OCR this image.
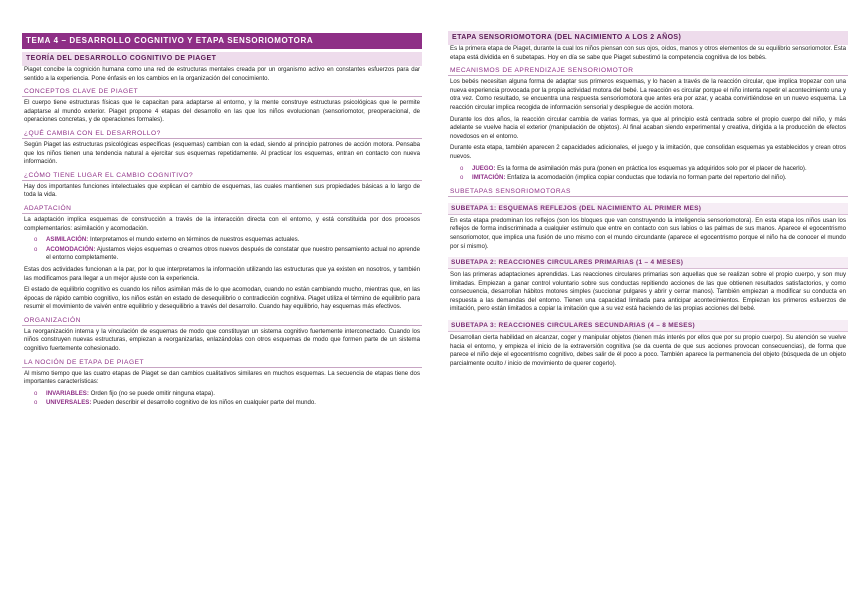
TEMA 4 – DESARROLLO COGNITIVO Y ETAPA SENSORIOMOTORA
TEORÍA DEL DESARROLLO COGNITIVO DE PIAGET

Piaget concibe la cognición humana como una red de estructuras mentales creada por un organismo activo en constantes esfuerzos para dar sentido a la experiencia. Pone énfasis en los cambios en la organización del conocimiento.

CONCEPTOS CLAVE DE PIAGET

El cuerpo tiene estructuras físicas que le capacitan para adaptarse al entorno, y la mente construye estructuras psicológicas que le permite adaptarse al mundo exterior. Piaget propone 4 etapas del desarrollo en las que los niños evolucionan (sensoriomotor, preoperacional, de operaciones concretas, y de operaciones formales).

¿QUÉ CAMBIA CON EL DESARROLLO?

Según Piaget las estructuras psicológicas específicas (esquemas) cambian con la edad, siendo al principio patrones de acción motora. Pensaba que los niños tienen una tendencia natural a ejercitar sus esquemas repetidamente. Al practicar los esquemas, entran en contacto con nueva información.

¿CÓMO TIENE LUGAR EL CAMBIO COGNITIVO?

Hay dos importantes funciones intelectuales que explican el cambio de esquemas, las cuales mantienen sus propiedades básicas a lo largo de toda la vida.

ADAPTACIÓN

La adaptación implica esquemas de construcción a través de la interacción directa con el entorno, y está constituida por dos procesos complementarios: asimilación y acomodación.

o ASIMILACIÓN: Interpretamos el mundo externo en términos de nuestros esquemas actuales.
o ACOMODACIÓN: Ajustamos viejos esquemas o creamos otros nuevos después de constatar que nuestro pensamiento actual no aprende el entorno completamente.

Estas dos actividades funcionan a la par, por lo que interpretamos la información utilizando las estructuras que ya existen en nosotros, y también las modificamos para llegar a un mejor ajuste con la experiencia.

El estado de equilibrio cognitivo es cuando los niños asimilan más de lo que acomodan, cuando no están cambiando mucho, mientras que, en las épocas de rápido cambio cognitivo, los niños están en estado de desequilibrio o contradicción cognitiva. Piaget utiliza el término de equilibrio para resumir el movimiento de vaivén entre equilibrio y desequilibrio a través del desarrollo. Cuando hay equilibrio, hay esquemas más efectivos.

ORGANIZACIÓN

La reorganización interna y la vinculación de esquemas de modo que constituyan un sistema cognitivo fuertemente interconectado. Cuando los niños construyen nuevas estructuras, empiezan a reorganizarlas, enlazándolas con otros esquemas de modo que formen parte de un sistema cognitivo fuertemente cohesionado.

LA NOCIÓN DE ETAPA DE PIAGET

Al mismo tiempo que las cuatro etapas de Piaget se dan cambios cualitativos similares en muchos esquemas. La secuencia de etapas tiene dos importantes características:

o INVARIABLES: Orden fijo (no se puede omitir ninguna etapa).
o UNIVERSALES: Pueden describir el desarrollo cognitivo de los niños en cualquier parte del mundo.
ETAPA SENSORIOMOTORA (DEL NACIMIENTO A LOS 2 AÑOS)

Es la primera etapa de Piaget, durante la cual los niños piensan con sus ojos, oídos, manos y otros elementos de su equilibrio sensoriomotor. Esta etapa está dividida en 6 subetapas. Hoy en día se sabe que Piaget subestimó la competencia cognitiva de los bebés.

MECANISMOS DE APRENDIZAJE SENSORIOMOTOR

Los bebés necesitan alguna forma de adaptar sus primeros esquemas, y lo hacen a través de la reacción circular, que implica tropezar con una nueva experiencia provocada por la propia actividad motora del bebé. La reacción es circular porque el niño intenta repetir el acontecimiento una y otra vez. Como resultado, se encuentra una respuesta sensoriomotora que antes era por azar, y acaba convirtiéndose en un nuevo esquema. La reacción circular implica recogida de información sensorial y despliegue de acción motora.

Durante los dos años, la reacción circular cambia de varias formas, ya que al principio está centrada sobre el propio cuerpo del niño, y más adelante se vuelve hacia el exterior (manipulación de objetos). Al final acaban siendo experimental y creativa, dirigida a la producción de efectos novedosos en el entorno.

Durante esta etapa, también aparecen 2 capacidades adicionales, el juego y la imitación, que consolidan esquemas ya establecidos y crean otros nuevos.

o JUEGO: Es la forma de asimilación más pura (ponen en práctica los esquemas ya adquiridos solo por el placer de hacerlo).
o IMITACIÓN: Enfatiza la acomodación (implica copiar conductas que todavía no forman parte del repertorio del niño).
SUBETAPAS SENSORIOMOTORAS
SUBETAPA 1: ESQUEMAS REFLEJOS (DEL NACIMIENTO AL PRIMER MES)

En esta etapa predominan los reflejos (son los bloques que van construyendo la inteligencia sensoriomotora). En esta etapa los niños usan los reflejos de forma indiscriminada a cualquier estímulo que entre en contacto con sus labios o las palmas de sus manos. Aparece el egocentrismo sensoriomotor, que implica una fusión de uno mismo con el mundo circundante (aparece el egocentrismo porque el niño ha de conocer el mundo por sí mismo).

SUBETAPA 2: REACCIONES CIRCULARES PRIMARIAS (1 – 4 MESES)

Son las primeras adaptaciones aprendidas. Las reacciones circulares primarias son aquellas que se realizan sobre el propio cuerpo, y son muy limitadas. Empiezan a ganar control voluntario sobre sus conductas repitiendo acciones de las que obtienen resultados satisfactorios, y como consecuencia, desarrollan hábitos motores simples (succionar pulgares y abrir y cerrar manos). También empiezan a modificar su conducta en respuesta a las demandas del entorno. Tienen una capacidad limitada para anticipar acontecimientos. Empiezan los primeros esfuerzos de imitación, pero están limitados a copiar la imitación que a su vez está haciendo de las propias acciones del bebé.

SUBETAPA 3: REACCIONES CIRCULARES SECUNDARIAS (4 – 8 MESES)

Desarrollan cierta habilidad en alcanzar, coger y manipular objetos (tienen más interés por ellos que por su propio cuerpo). Su atención se vuelve hacia el entorno, y empieza el inicio de la extraversión cognitiva (se da cuenta de que sus acciones provocan consecuencias), de forma que parece el niño deje el egocentrismo cognitivo, debes salir de él poco a poco. También aparece la permanencia del objeto (búsqueda de un objeto parcialmente oculto / inicio de movimiento de querer cogerlo).
